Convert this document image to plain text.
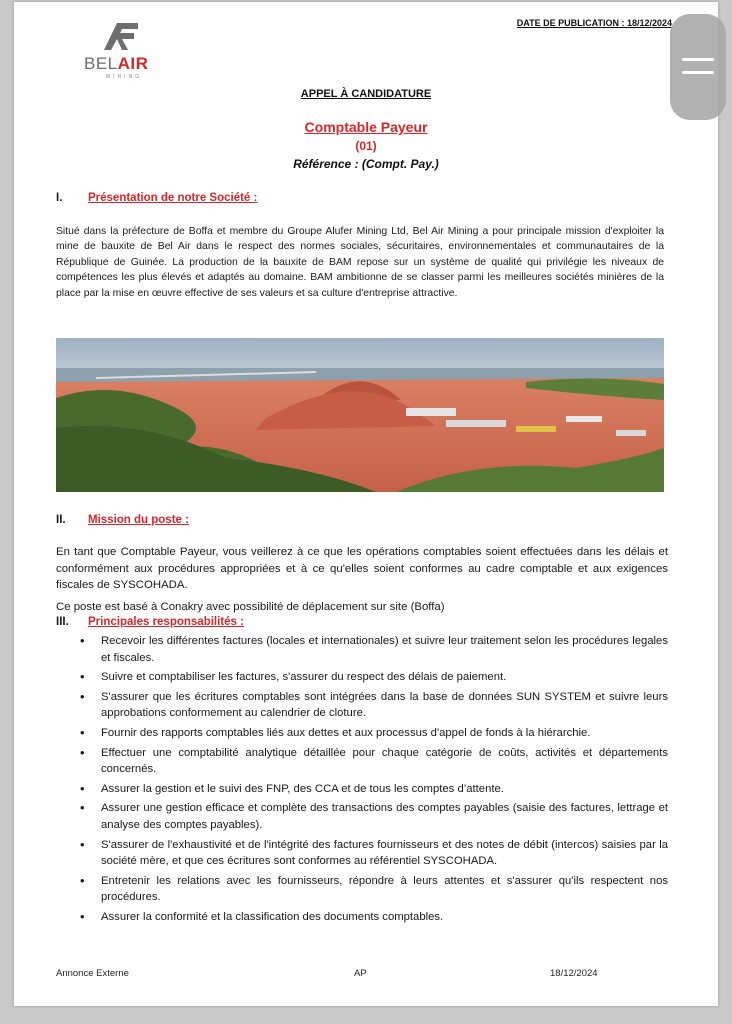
DATE DE PUBLICATION : 18/12/2024
BELAIR
MINING
APPEL À CANDIDATURE
Comptable Payeur
(01)
Référence : (Compt. Pay.)
I. Présentation de notre Société :
Situé dans la préfecture de Boffa et membre du Groupe Alufer Mining Ltd, Bel Air Mining a pour principale mission d'exploiter la mine de bauxite de Bel Air dans le respect des normes sociales, sécuritaires, environnementales et communautaires de la République de Guinée. La production de la bauxite de BAM repose sur un système de qualité qui privilégie les niveaux de compétences les plus élevés et adaptés au domaine. BAM ambitionne de se classer parmi les meilleures sociétés minières de la place par la mise en œuvre effective de ses valeurs et sa culture d'entreprise attractive.
II. Mission du poste :
En tant que Comptable Payeur, vous veillerez à ce que les opérations comptables soient effectuées dans les délais et conformément aux procédures appropriées et à ce qu'elles soient conformes au cadre comptable et aux exigences fiscales de SYSCOHADA.
Ce poste est basé à Conakry avec possibilité de déplacement sur site (Boffa)
III. Principales responsabilités :
• Recevoir les différentes factures (locales et internationales) et suivre leur traitement selon les procédures legales et fiscales.
• Suivre et comptabiliser les factures, s'assurer du respect des délais de paiement.
• S'assurer que les écritures comptables sont intégrées dans la base de données SUN SYSTEM et suivre leurs approbations conformement au calendrier de cloture.
• Fournir des rapports comptables liés aux dettes et aux processus d'appel de fonds à la hiérarchie.
• Effectuer une comptabilité analytique détaillée pour chaque catégorie de coûts, activités et départements concernés.
• Assurer la gestion et le suivi des FNP, des CCA et de tous les comptes d’attente.
• Assurer une gestion efficace et complète des transactions des comptes payables (saisie des factures, lettrage et analyse des comptes payables).
• S'assurer de l'exhaustivité et de l'intégrité des factures fournisseurs et des notes de débit (intercos) saisies par la société mère, et que ces écritures sont conformes au référentiel SYSCOHADA.
• Entretenir les relations avec les fournisseurs, répondre à leurs attentes et s'assurer qu'ils respectent nos procédures.
• Assurer la conformité et la classification des documents comptables.
Annonce Externe	AP	18/12/2024
